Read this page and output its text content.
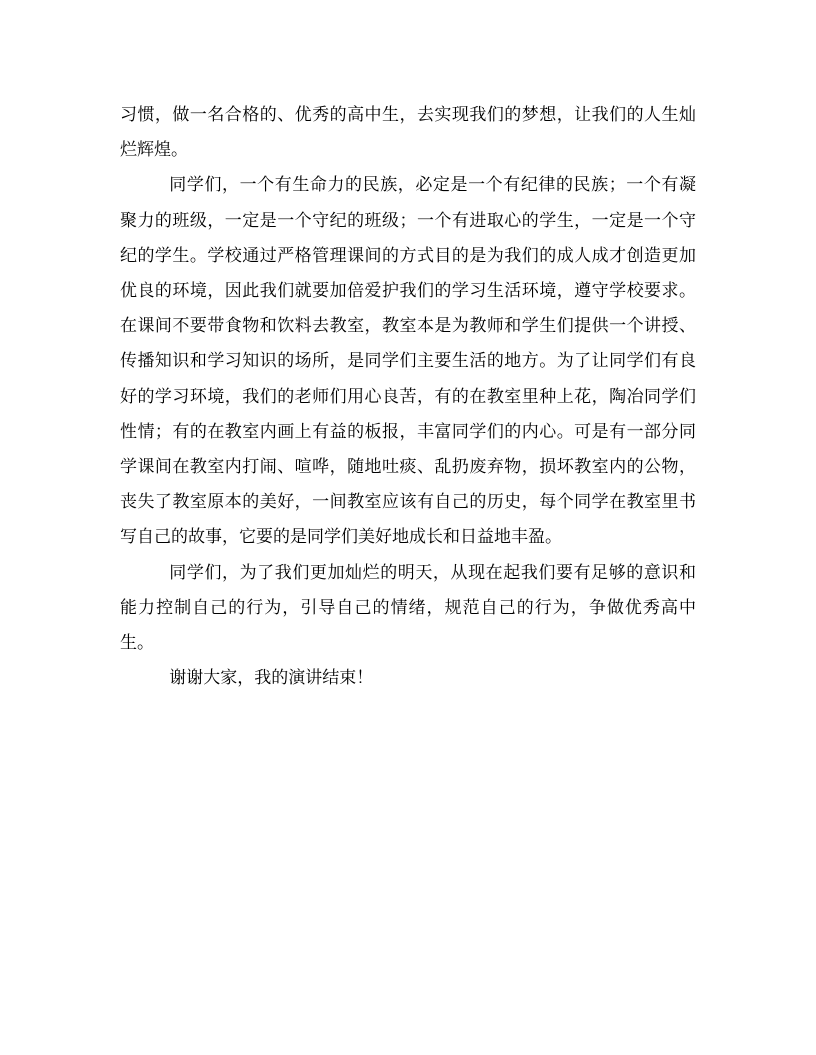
习惯，做一名合格的、优秀的高中生，去实现我们的梦想，让我们的人生灿烂辉煌。

同学们，一个有生命力的民族，必定是一个有纪律的民族；一个有凝聚力的班级，一定是一个守纪的班级；一个有进取心的学生，一定是一个守纪的学生。学校通过严格管理课间的方式目的是为我们的成人成才创造更加优良的环境，因此我们就要加倍爱护我们的学习生活环境，遵守学校要求。在课间不要带食物和饮料去教室，教室本是为教师和学生们提供一个讲授、传播知识和学习知识的场所，是同学们主要生活的地方。为了让同学们有良好的学习环境，我们的老师们用心良苦，有的在教室里种上花，陶冶同学们性情；有的在教室内画上有益的板报，丰富同学们的内心。可是有一部分同学课间在教室内打闹、喧哗，随地吐痰、乱扔废弃物，损坏教室内的公物，丧失了教室原本的美好，一间教室应该有自己的历史，每个同学在教室里书写自己的故事，它要的是同学们美好地成长和日益地丰盈。

同学们，为了我们更加灿烂的明天，从现在起我们要有足够的意识和能力控制自己的行为，引导自己的情绪，规范自己的行为，争做优秀高中生。

谢谢大家，我的演讲结束！
